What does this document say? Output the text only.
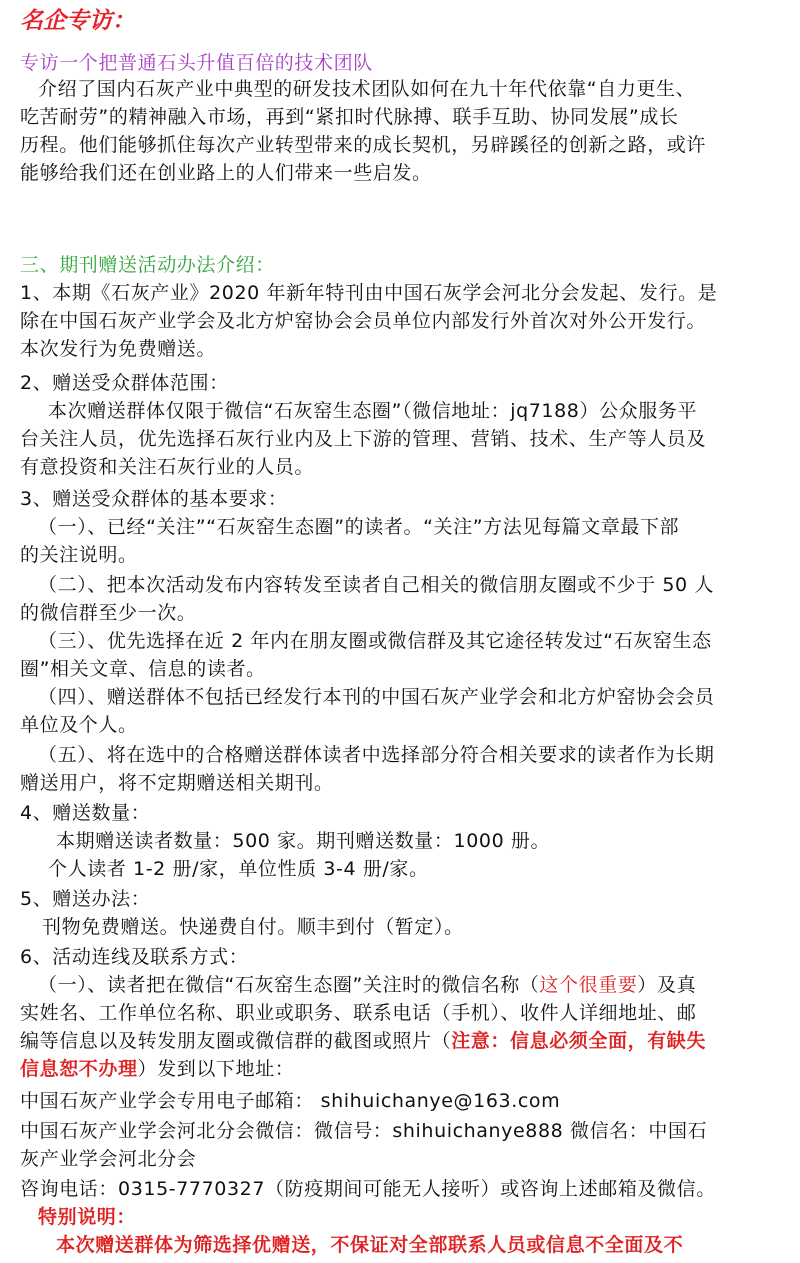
名企专访：
专访一个把普通石头升值百倍的技术团队
介绍了国内石灰产业中典型的研发技术团队如何在九十年代依靠“自力更生、
吃苦耐劳”的精神融入市场，再到“紧扣时代脉搏、联手互助、协同发展”成长
历程。他们能够抓住每次产业转型带来的成长契机，另辟蹊径的创新之路，或许
能够给我们还在创业路上的人们带来一些启发。
三、期刊赠送活动办法介绍：
1、本期《石灰产业》2020 年新年特刊由中国石灰学会河北分会发起、发行。是
除在中国石灰产业学会及北方炉窑协会会员单位内部发行外首次对外公开发行。
本次发行为免费赠送。
2、赠送受众群体范围：
本次赠送群体仅限于微信“石灰窑生态圈”（微信地址：jq7188）公众服务平
台关注人员，优先选择石灰行业内及上下游的管理、营销、技术、生产等人员及
有意投资和关注石灰行业的人员。
3、赠送受众群体的基本要求：
（一）、已经“关注”“石灰窑生态圈”的读者。“关注”方法见每篇文章最下部
的关注说明。
（二）、把本次活动发布内容转发至读者自己相关的微信朋友圈或不少于 50 人
的微信群至少一次。
（三）、优先选择在近 2 年内在朋友圈或微信群及其它途径转发过“石灰窑生态
圈”相关文章、信息的读者。
（四）、赠送群体不包括已经发行本刊的中国石灰产业学会和北方炉窑协会会员
单位及个人。
（五）、将在选中的合格赠送群体读者中选择部分符合相关要求的读者作为长期
赠送用户，将不定期赠送相关期刊。
4、赠送数量：
本期赠送读者数量：500 家。期刊赠送数量：1000 册。
个人读者 1-2 册/家，单位性质 3-4 册/家。
5、赠送办法：
刊物免费赠送。快递费自付。顺丰到付（暂定）。
6、活动连线及联系方式：
（一）、读者把在微信“石灰窑生态圈”关注时的微信名称（这个很重要）及真
实姓名、工作单位名称、职业或职务、联系电话（手机）、收件人详细地址、邮
编等信息以及转发朋友圈或微信群的截图或照片（注意：信息必须全面，有缺失
信息恕不办理）发到以下地址：
中国石灰产业学会专用电子邮箱： shihuichanye@163.com
中国石灰产业学会河北分会微信：微信号：shihuichanye888 微信名：中国石
灰产业学会河北分会
咨询电话：0315-7770327（防疫期间可能无人接听）或咨询上述邮箱及微信。
特别说明：
本次赠送群体为筛选择优赠送，不保证对全部联系人员或信息不全面及不
